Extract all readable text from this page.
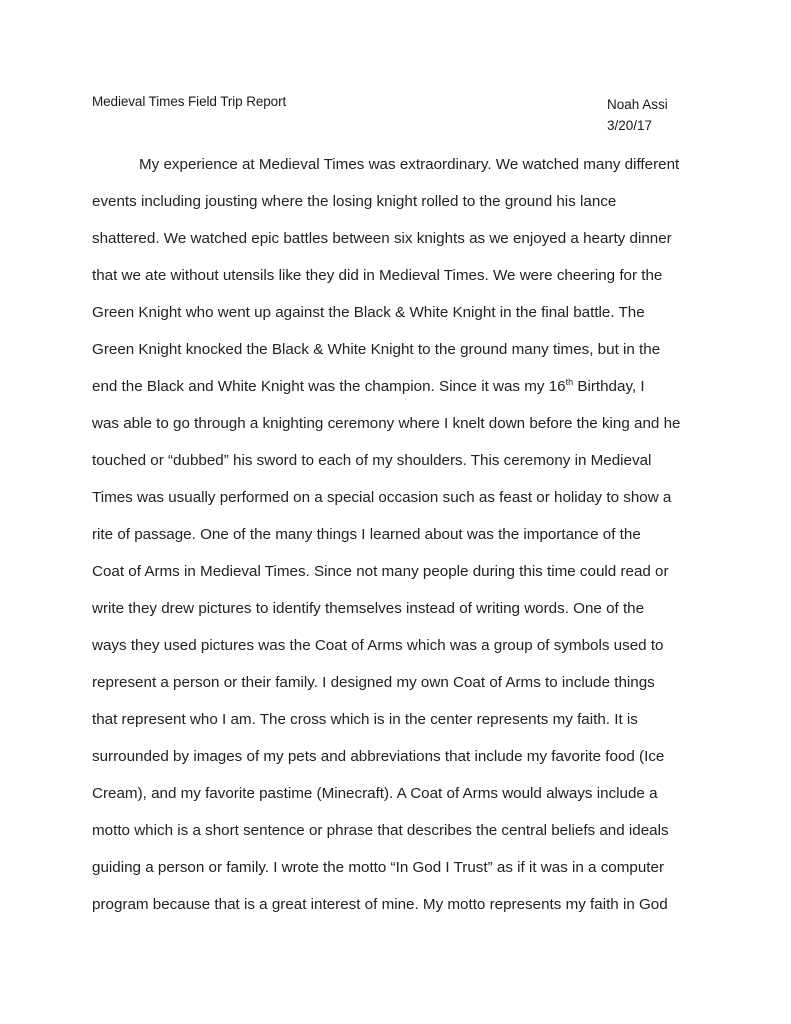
Medieval Times Field Trip Report	Noah Assi
3/20/17
My experience at Medieval Times was extraordinary. We watched many different
events including jousting where the losing knight rolled to the ground his lance
shattered. We watched epic battles between six knights as we enjoyed a hearty dinner
that we ate without utensils like they did in Medieval Times. We were cheering for the
Green Knight who went up against the Black & White Knight in the final battle. The
Green Knight knocked the Black & White Knight to the ground many times, but in the
end the Black and White Knight was the champion. Since it was my 16th Birthday, I
was able to go through a knighting ceremony where I knelt down before the king and he
touched or “dubbed” his sword to each of my shoulders. This ceremony in Medieval
Times was usually performed on a special occasion such as feast or holiday to show a
rite of passage. One of the many things I learned about was the importance of the
Coat of Arms in Medieval Times. Since not many people during this time could read or
write they drew pictures to identify themselves instead of writing words. One of the
ways they used pictures was the Coat of Arms which was a group of symbols used to
represent a person or their family. I designed my own Coat of Arms to include things
that represent who I am. The cross which is in the center represents my faith. It is
surrounded by images of my pets and abbreviations that include my favorite food (Ice
Cream), and my favorite pastime (Minecraft). A Coat of Arms would always include a
motto which is a short sentence or phrase that describes the central beliefs and ideals
guiding a person or family. I wrote the motto “In God I Trust” as if it was in a computer
program because that is a great interest of mine. My motto represents my faith in God
